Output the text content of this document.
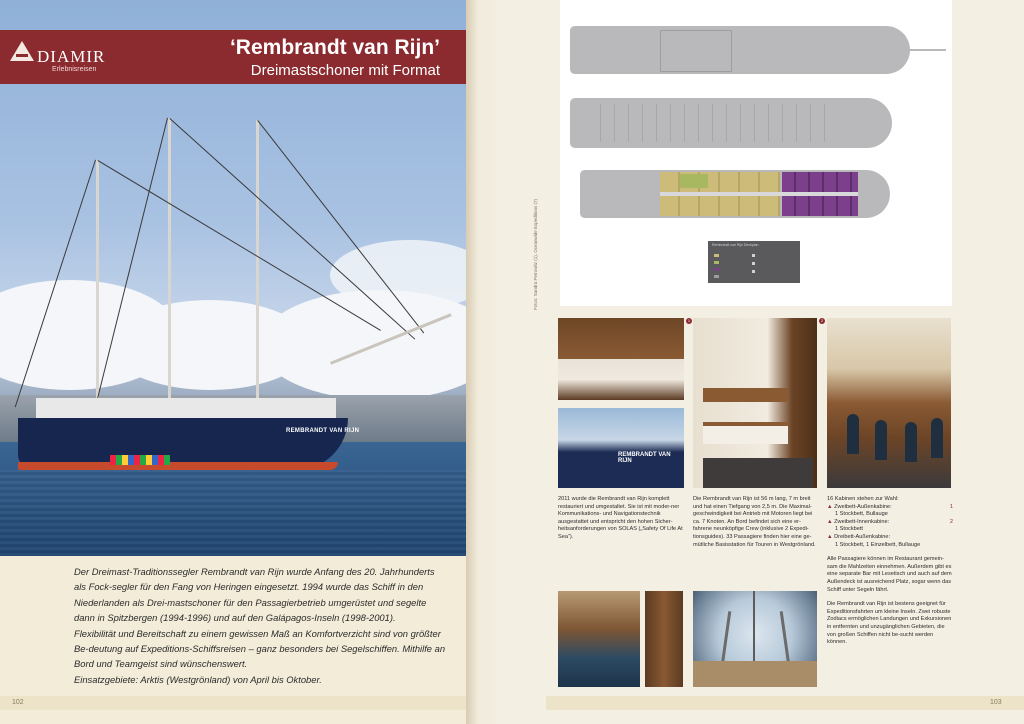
REMBRANDT VAN RIJN
DIAMIR
Erlebnisreisen
‘Rembrandt van Rijn’
Dreimastschoner mit Format

Der Dreimast-Traditionssegler Rembrandt van Rijn wurde Anfang des 20. Jahrhunderts als Fock-segler für den Fang von Heringen eingesetzt. 1994 wurde das Schiff in den Niederlanden als Drei-mastschoner für den Passagierbetrieb umgerüstet und segelte dann in Spitzbergen (1994-1996) und auf den Galápagos-Inseln (1998-2001).

Flexibilität und Bereitschaft zu einem gewissen Maß an Komfortverzicht sind von größter Be-deutung auf Expeditions-Schiffsreisen – ganz besonders bei Segelschiffen. Mithilfe an Bord und Teamgeist sind wünschenswert.

Einsatzgebiete: Arktis (Westgrönland) von April bis Oktober.

102
Fotos: Sandra Petrowitz (1), Oceanwide Expeditions (7)	Rembrandt van Rijn Deckplan
1
REMBRANDT VAN RIJN
2

2011 wurde die Rembrandt van Rijn komplett restauriert und umgestaltet. Sie ist mit moder-ner Kommunikations- und Navigationstechnik ausgestattet und entspricht den hohen Sicher-heitsanforderungen von SOLAS („Safety Of Life At Sea“).

Die Rembrandt van Rijn ist 56 m lang, 7 m breit und hat einen Tiefgang von 2,5 m. Die Maximal-geschwindigkeit bei Antrieb mit Motoren liegt bei ca. 7 Knoten. An Bord befindet sich eine er-fahrene neunköpfige Crew (inklusive 2 Expedi-tionsguides). 33 Passagiere finden hier eine ge-mütliche Basisstation für Touren in Westgrönland.

16 Kabinen stehen zur Wahl:

▲ Zweibett-Außenkabine:	1

1 Stockbett, Bullauge
▲ Zweibett-Innenkabine:	2

1 Stockbett
▲ Dreibett-Außenkabine:
1 Stockbett, 1 Einzelbett, Bullauge

Alle Passagiere können im Restaurant gemein-sam die Mahlzeiten einnehmen. Außerdem gibt es eine separate Bar mit Lesetisch und auch auf dem Außendeck ist ausreichend Platz, sogar wenn das Schiff unter Segeln fährt.

Die Rembrandt van Rijn ist bestens geeignet für Expeditionsfahrten um kleine Inseln. Zwei robuste Zodiacs ermöglichen Landungen und Exkursionen in entfernten und unzugänglichen Gebieten, die von großen Schiffen nicht be-sucht werden können.

103
